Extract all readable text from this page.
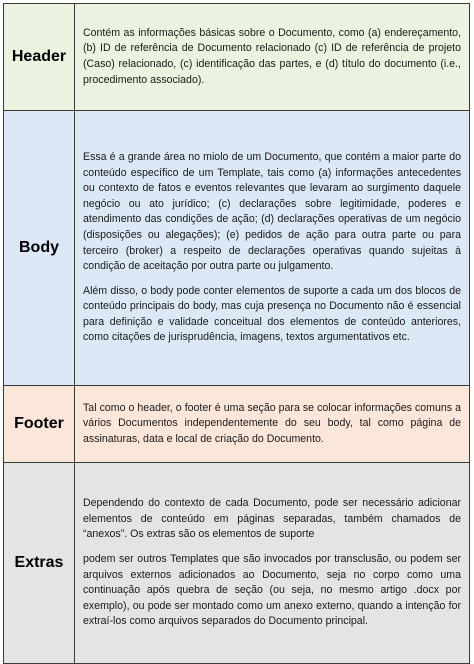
Header	Contém as informações básicas sobre o Documento, como (a) endereçamento, (b) ID de referência de Documento relacionado (c) ID de referência de projeto (Caso) relacionado, (c) identificação das partes, e (d) título do documento (i.e., procedimento associado).

Body	Essa é a grande área no miolo de um Documento, que contém a maior parte do conteúdo específico de um Template, tais como (a) informações antecedentes ou contexto de fatos e eventos relevantes que levaram ao surgimento daquele negócio ou ato jurídico; (c) declarações sobre legitimidade, poderes e atendimento das condições de ação; (d) declarações operativas de um negócio (disposições ou alegações); (e) pedidos de ação para outra parte ou para terceiro (broker) a respeito de declarações operativas quando sujeitas à condição de aceitação por outra parte ou julgamento.

Além disso, o body pode conter elementos de suporte a cada um dos blocos de conteúdo principais do body, mas cuja presença no Documento não é essencial para definição e validade conceitual dos elementos de conteúdo anteriores, como citações de jurisprudência, imagens, textos argumentativos etc.

Footer	Tal como o header, o footer é uma seção para se colocar informações comuns a vários Documentos independentemente do seu body, tal como página de assinaturas, data e local de criação do Documento.

Extras	Dependendo do contexto de cada Documento, pode ser necessário adicionar elementos de conteúdo em páginas separadas, também chamados de “anexos”. Os extras são os elementos de suporte

podem ser outros Templates que são invocados por transclusão, ou podem ser arquivos externos adicionados ao Documento, seja no corpo como uma continuação após quebra de seção (ou seja, no mesmo artigo .docx por exemplo), ou pode ser montado como um anexo externo, quando a intenção for extraí-los como arquivos separados do Documento principal.
